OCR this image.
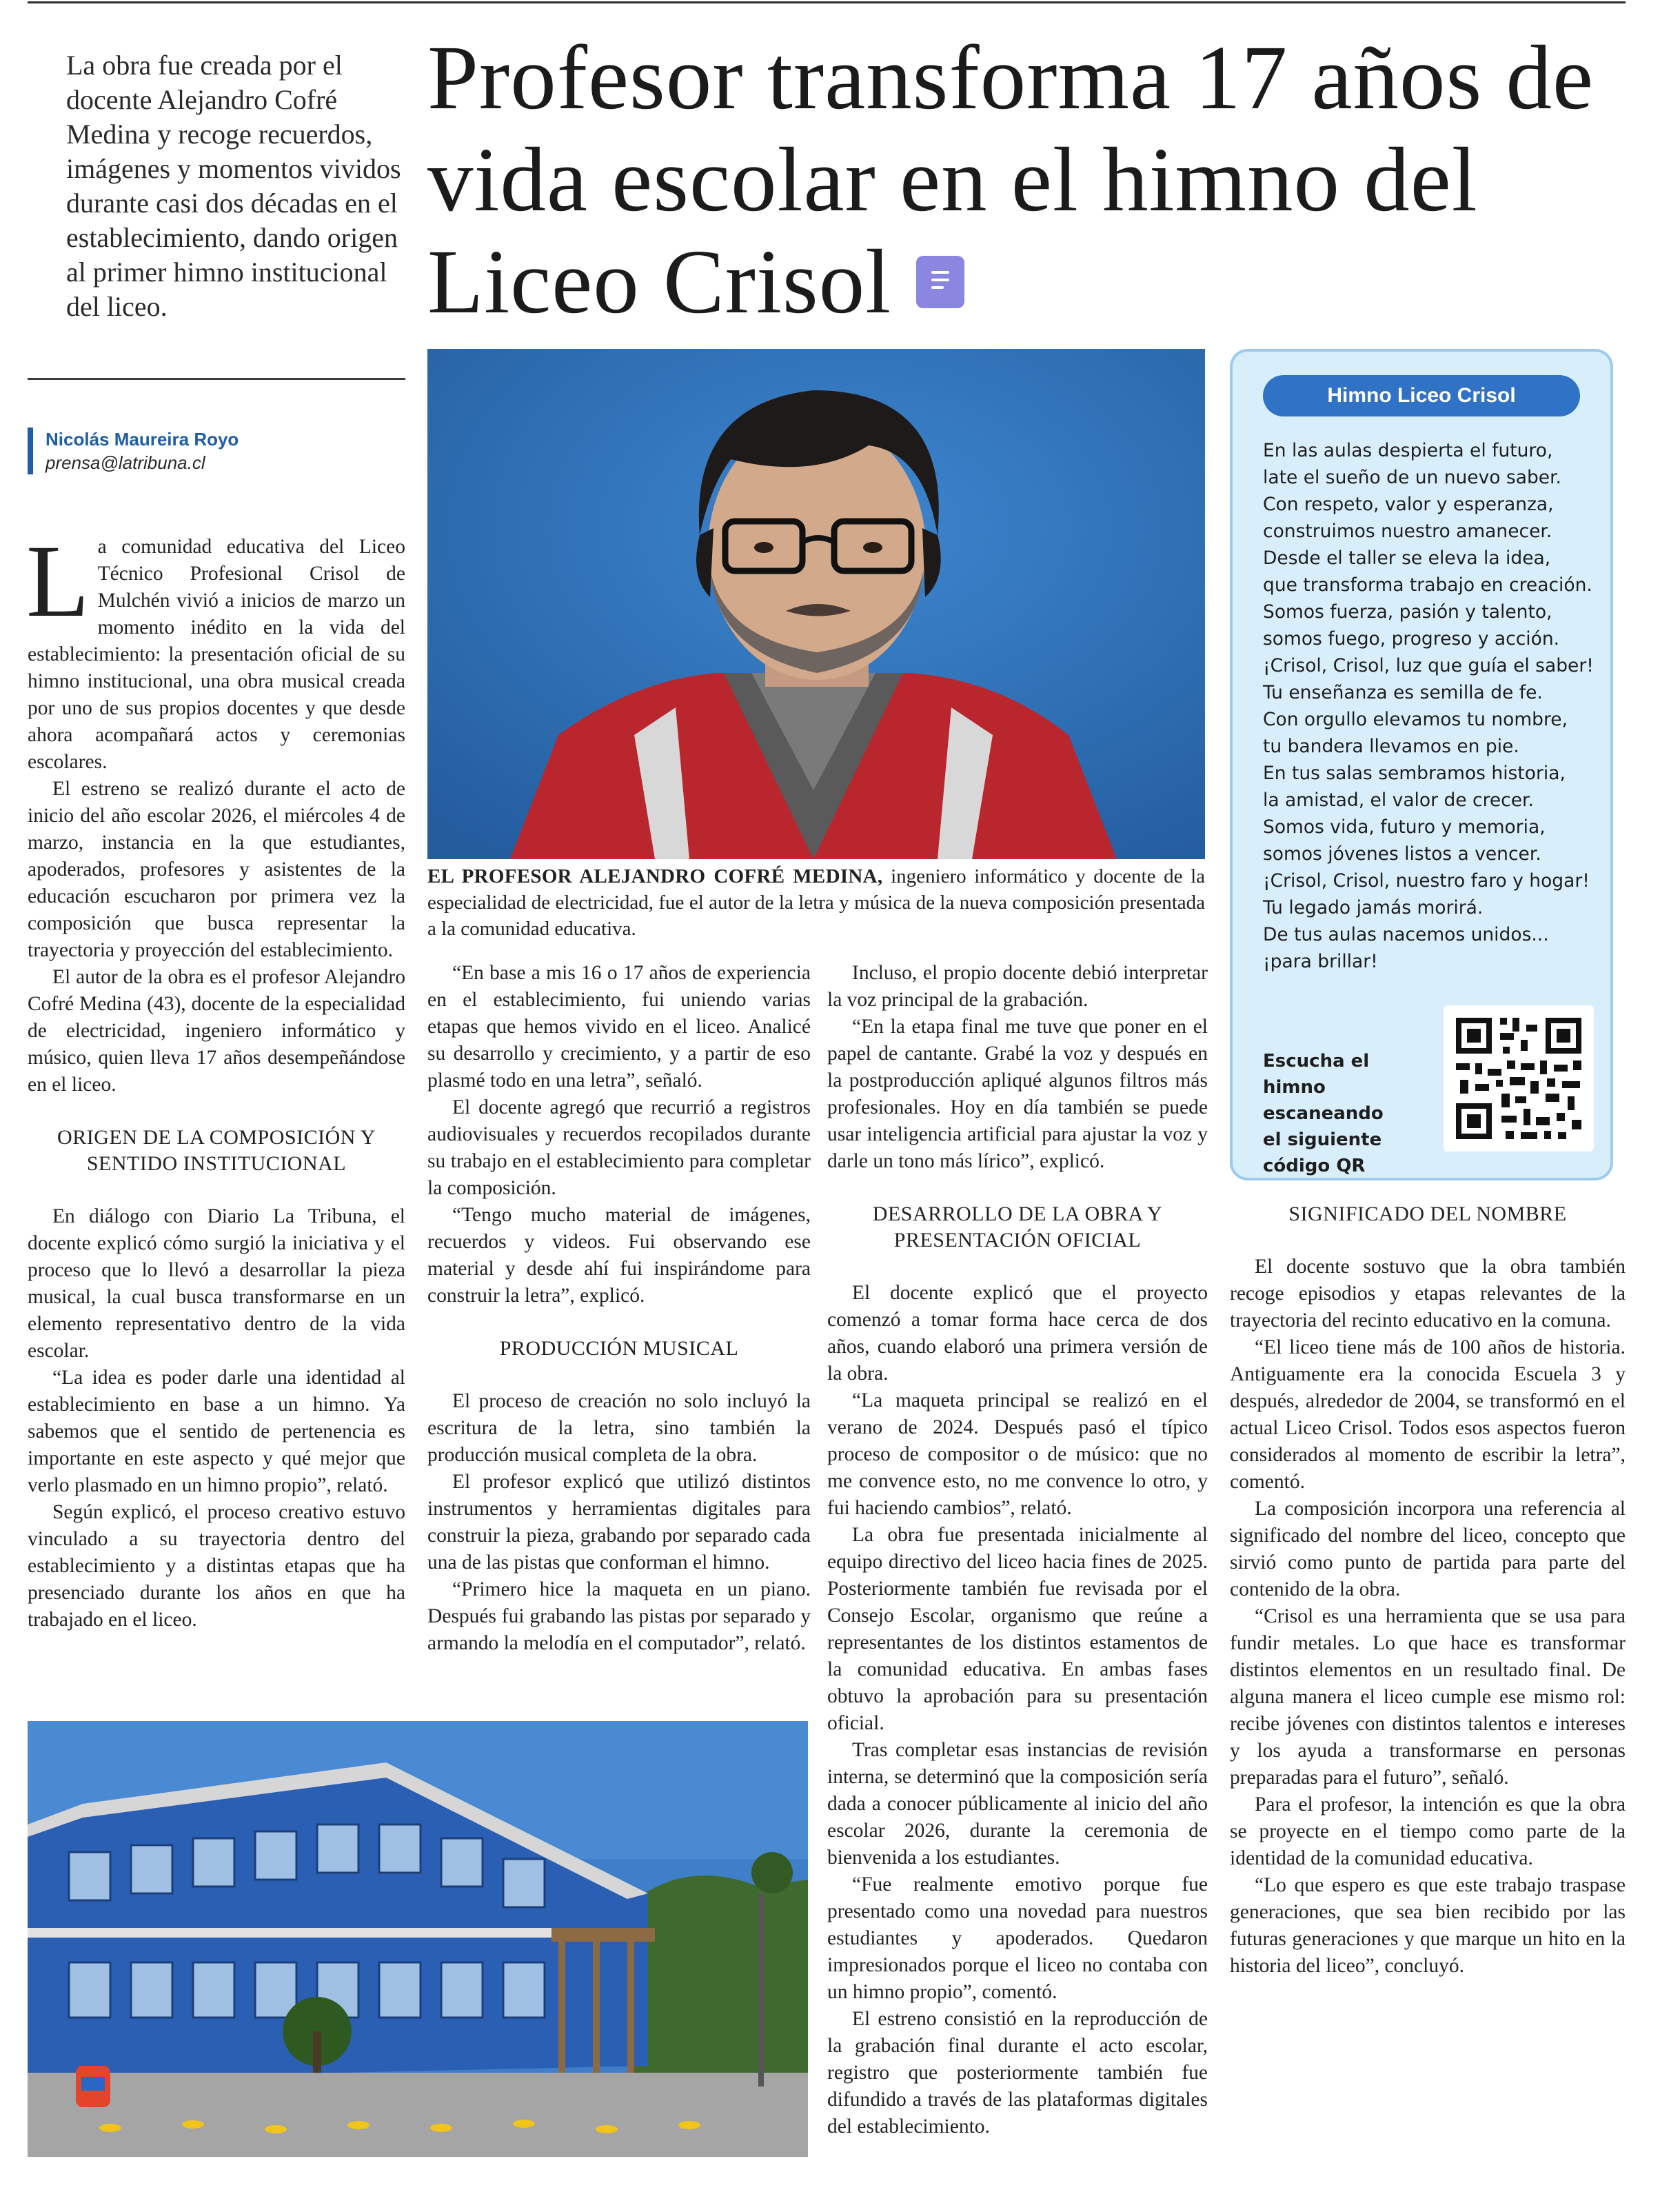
La obra fue creada por el docente Alejandro Cofré Medina y recoge recuerdos, imágenes y momentos vividos durante casi dos décadas en el establecimiento, dando origen al primer himno institucional del liceo.
Profesor transforma 17 años de vida escolar en el himno del Liceo Crisol
Nicolás Maureira Royo
prensa@latribuna.cl

La comunidad educativa del Liceo Técnico Profesional Crisol de Mulchén vivió a inicios de marzo un momento inédito en la vida del establecimiento: la presentación oficial de su himno institucional, una obra musical creada por uno de sus propios docentes y que desde ahora acompañará actos y ceremonias escolares.

El estreno se realizó durante el acto de inicio del año escolar 2026, el miércoles 4 de marzo, instancia en la que estudiantes, apoderados, profesores y asistentes de la educación escucharon por primera vez la composición que busca representar la trayectoria y proyección del establecimiento.

El autor de la obra es el profesor Alejandro Cofré Medina (43), docente de la especialidad de electricidad, ingeniero informático y músico, quien lleva 17 años desempeñándose en el liceo.

ORIGEN DE LA COMPOSICIÓN Y SENTIDO INSTITUCIONAL

En diálogo con Diario La Tribuna, el docente explicó cómo surgió la iniciativa y el proceso que lo llevó a desarrollar la pieza musical, la cual busca transformarse en un elemento representativo dentro de la vida escolar.

“La idea es poder darle una identidad al establecimiento en base a un himno. Ya sabemos que el sentido de pertenencia es importante en este aspecto y qué mejor que verlo plasmado en un himno propio”, relató.

Según explicó, el proceso creativo estuvo vinculado a su trayectoria dentro del establecimiento y a distintas etapas que ha presenciado durante los años en que ha trabajado en el liceo.

EL PROFESOR ALEJANDRO COFRÉ MEDINA, ingeniero informático y docente de la especialidad de electricidad, fue el autor de la letra y música de la nueva composición presentada a la comunidad educativa.

“En base a mis 16 o 17 años de experiencia en el establecimiento, fui uniendo varias etapas que hemos vivido en el liceo. Analicé su desarrollo y crecimiento, y a partir de eso plasmé todo en una letra”, señaló.

El docente agregó que recurrió a registros audiovisuales y recuerdos recopilados durante su trabajo en el establecimiento para completar la composición.

“Tengo mucho material de imágenes, recuerdos y videos. Fui observando ese material y desde ahí fui inspirándome para construir la letra”, explicó.

PRODUCCIÓN MUSICAL

El proceso de creación no solo incluyó la escritura de la letra, sino también la producción musical completa de la obra.

El profesor explicó que utilizó distintos instrumentos y herramientas digitales para construir la pieza, grabando por separado cada una de las pistas que conforman el himno.

“Primero hice la maqueta en un piano. Después fui grabando las pistas por separado y armando la melodía en el computador”, relató.

Incluso, el propio docente debió interpretar la voz principal de la grabación.

“En la etapa final me tuve que poner en el papel de cantante. Grabé la voz y después en la postproducción apliqué algunos filtros más profesionales. Hoy en día también se puede usar inteligencia artificial para ajustar la voz y darle un tono más lírico”, explicó.

DESARROLLO DE LA OBRA Y PRESENTACIÓN OFICIAL

El docente explicó que el proyecto comenzó a tomar forma hace cerca de dos años, cuando elaboró una primera versión de la obra.

“La maqueta principal se realizó en el verano de 2024. Después pasó el típico proceso de compositor o de músico: que no me convence esto, no me convence lo otro, y fui haciendo cambios”, relató.

La obra fue presentada inicialmente al equipo directivo del liceo hacia fines de 2025. Posteriormente también fue revisada por el Consejo Escolar, organismo que reúne a representantes de los distintos estamentos de la comunidad educativa. En ambas fases obtuvo la aprobación para su presentación oficial.

Tras completar esas instancias de revisión interna, se determinó que la composición sería dada a conocer públicamente al inicio del año escolar 2026, durante la ceremonia de bienvenida a los estudiantes.

“Fue realmente emotivo porque fue presentado como una novedad para nuestros estudiantes y apoderados. Quedaron impresionados porque el liceo no contaba con un himno propio”, comentó.

El estreno consistió en la reproducción de la grabación final durante el acto escolar, registro que posteriormente también fue difundido a través de las plataformas digitales del establecimiento.

Himno Liceo Crisol
En las aulas despierta el futuro,
late el sueño de un nuevo saber.
Con respeto, valor y esperanza,
construimos nuestro amanecer.
Desde el taller se eleva la idea,
que transforma trabajo en creación.
Somos fuerza, pasión y talento,
somos fuego, progreso y acción.
¡Crisol, Crisol, luz que guía el saber!
Tu enseñanza es semilla de fe.
Con orgullo elevamos tu nombre,
tu bandera llevamos en pie.
En tus salas sembramos historia,
la amistad, el valor de crecer.
Somos vida, futuro y memoria,
somos jóvenes listos a vencer.
¡Crisol, Crisol, nuestro faro y hogar!
Tu legado jamás morirá.
De tus aulas nacemos unidos...
¡para brillar!
Escucha el himno escaneando el siguiente código QR
SIGNIFICADO DEL NOMBRE

El docente sostuvo que la obra también recoge episodios y etapas relevantes de la trayectoria del recinto educativo en la comuna.

“El liceo tiene más de 100 años de historia. Antiguamente era la conocida Escuela 3 y después, alrededor de 2004, se transformó en el actual Liceo Crisol. Todos esos aspectos fueron considerados al momento de escribir la letra”, comentó.

La composición incorpora una referencia al significado del nombre del liceo, concepto que sirvió como punto de partida para parte del contenido de la obra.

“Crisol es una herramienta que se usa para fundir metales. Lo que hace es transformar distintos elementos en un resultado final. De alguna manera el liceo cumple ese mismo rol: recibe jóvenes con distintos talentos e intereses y los ayuda a transformarse en personas preparadas para el futuro”, señaló.

Para el profesor, la intención es que la obra se proyecte en el tiempo como parte de la identidad de la comunidad educativa.

“Lo que espero es que este trabajo traspase generaciones, que sea bien recibido por las futuras generaciones y que marque un hito en la historia del liceo”, concluyó.
